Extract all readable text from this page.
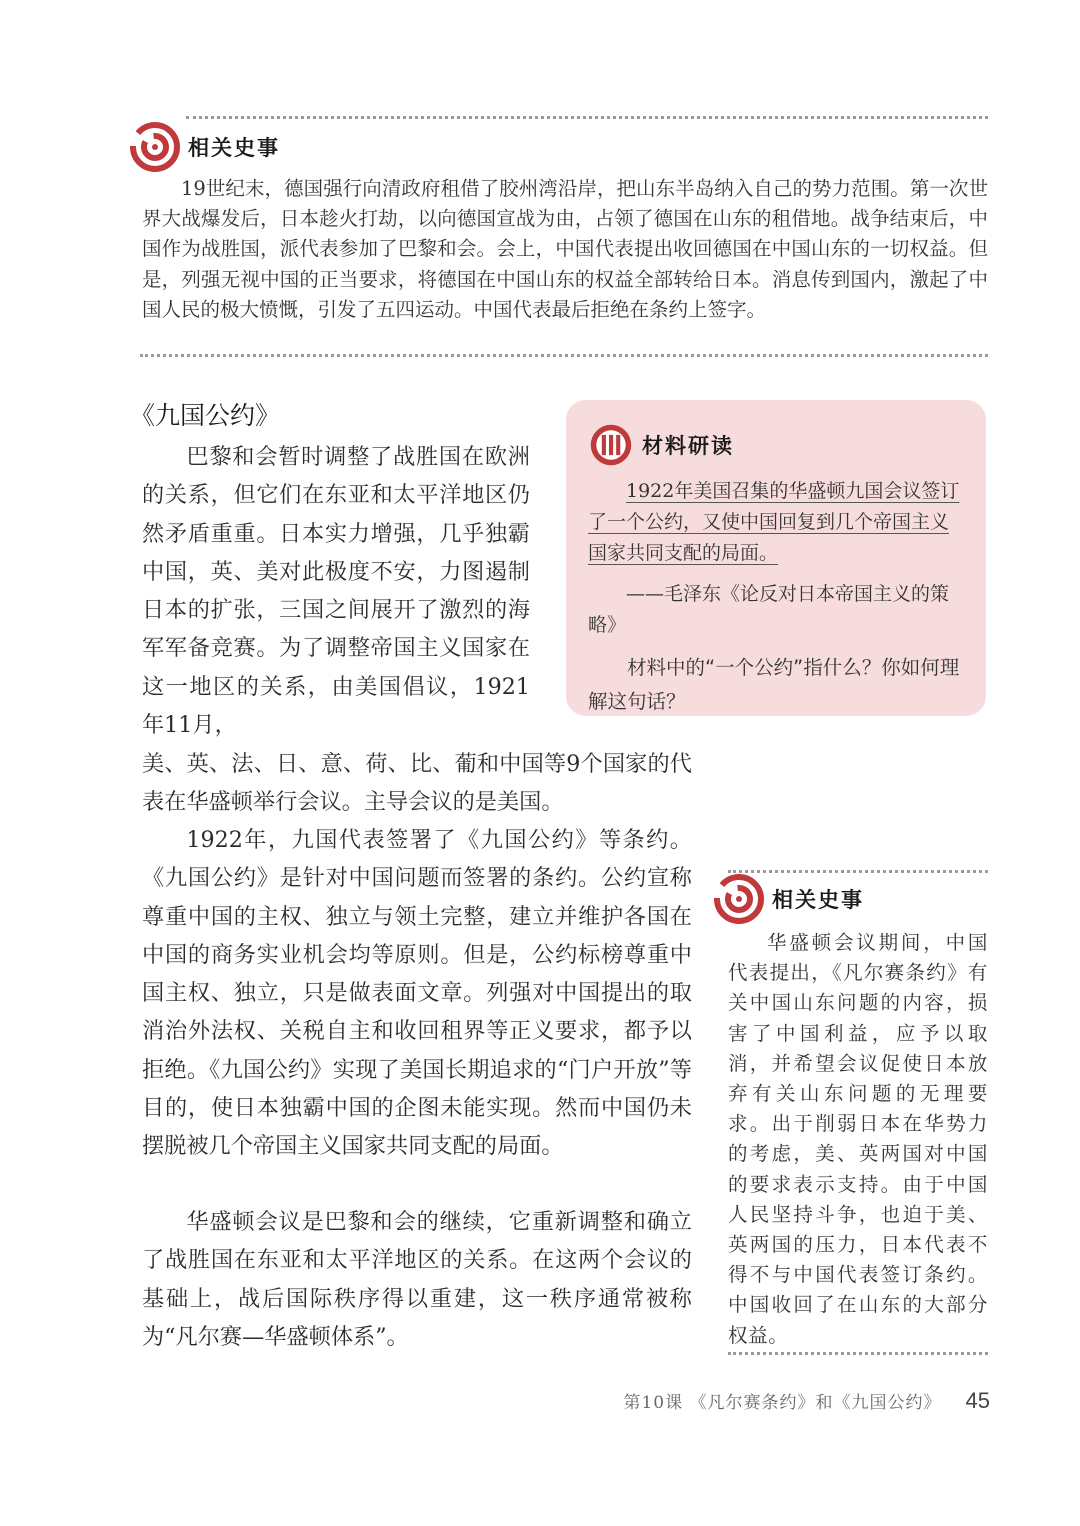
相关史事

19世纪末，德国强行向清政府租借了胶州湾沿岸，把山东半岛纳入自己的势力范围。第一次世界大战爆发后，日本趁火打劫，以向德国宣战为由，占领了德国在山东的租借地。战争结束后，中国作为战胜国，派代表参加了巴黎和会。会上，中国代表提出收回德国在中国山东的一切权益。但是，列强无视中国的正当要求，将德国在中国山东的权益全部转给日本。消息传到国内，激起了中国人民的极大愤慨，引发了五四运动。中国代表最后拒绝在条约上签字。

《九国公约》

巴黎和会暂时调整了战胜国在欧洲的关系，但它们在东亚和太平洋地区仍然矛盾重重。日本实力增强，几乎独霸中国，英、美对此极度不安，力图遏制日本的扩张，三国之间展开了激烈的海军军备竞赛。为了调整帝国主义国家在这一地区的关系，由美国倡议，1921年11月，

美、英、法、日、意、荷、比、葡和中国等9个国家的代表在华盛顿举行会议。主导会议的是美国。

1922年，九国代表签署了《九国公约》等条约。《九国公约》是针对中国问题而签署的条约。公约宣称尊重中国的主权、独立与领土完整，建立并维护各国在中国的商务实业机会均等原则。但是，公约标榜尊重中国主权、独立，只是做表面文章。列强对中国提出的取消治外法权、关税自主和收回租界等正义要求，都予以拒绝。《九国公约》实现了美国长期追求的“门户开放”等目的，使日本独霸中国的企图未能实现。然而中国仍未摆脱被几个帝国主义国家共同支配的局面。

华盛顿会议是巴黎和会的继续，它重新调整和确立了战胜国在东亚和太平洋地区的关系。在这两个会议的基础上，战后国际秩序得以重建，这一秩序通常被称为“凡尔赛—华盛顿体系”。

材料研读

1922年美国召集的华盛顿九国会议签订了一个公约，又使中国回复到几个帝国主义国家共同支配的局面。

——毛泽东《论反对日本帝国主义的策略》

材料中的“一个公约”指什么？你如何理解这句话？

相关史事

华盛顿会议期间，中国代表提出，《凡尔赛条约》有关中国山东问题的内容，损害了中国利益，应予以取消，并希望会议促使日本放弃有关山东问题的无理要求。出于削弱日本在华势力的考虑，美、英两国对中国的要求表示支持。由于中国人民坚持斗争，也迫于美、英两国的压力，日本代表不得不与中国代表签订条约。中国收回了在山东的大部分权益。

第10课 《凡尔赛条约》和《九国公约》 45
